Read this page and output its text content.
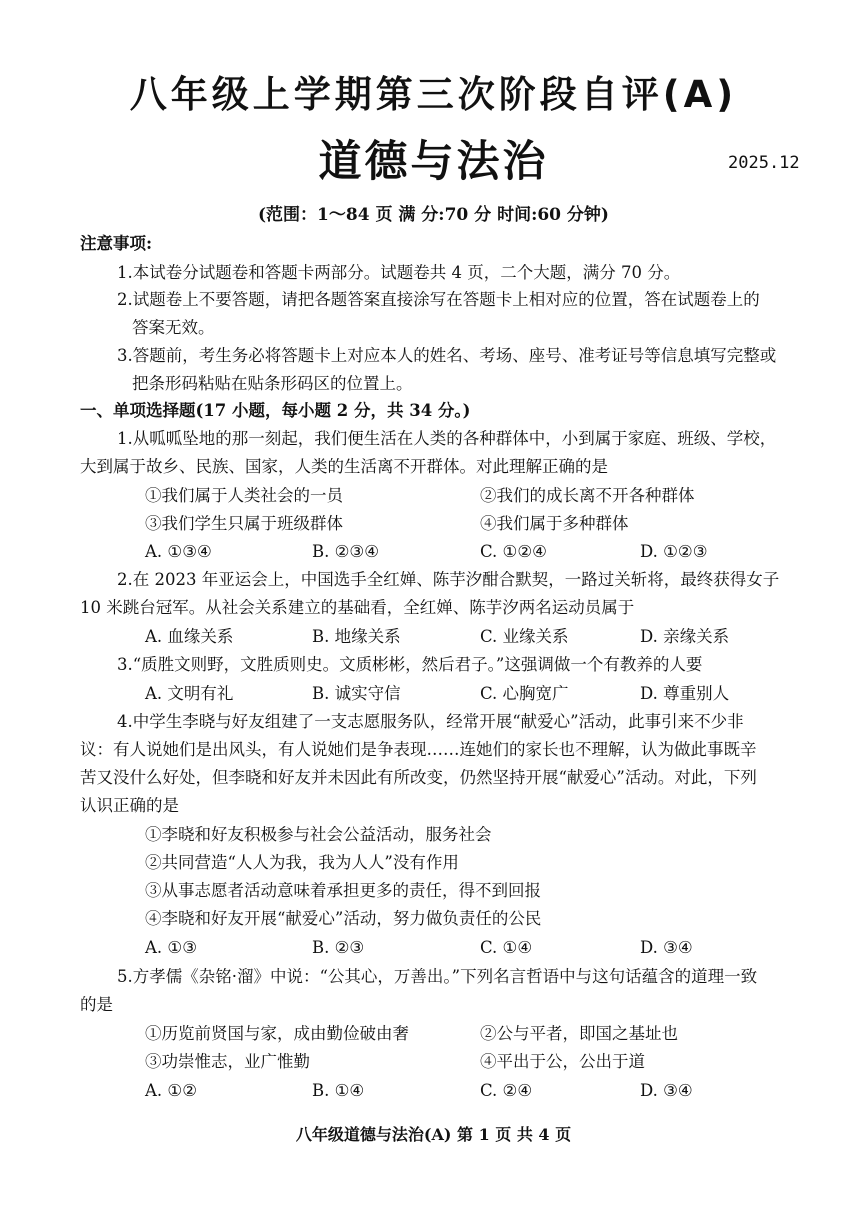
八年级上学期第三次阶段自评(A)
道德与法治	2025.12
(范围：1～84 页 满 分:70 分 时间:60 分钟)
注意事项:
1.本试卷分试题卷和答题卡两部分。试题卷共 4 页，二个大题，满分 70 分。
2.试题卷上不要答题，请把各题答案直接涂写在答题卡上相对应的位置，答在试题卷上的
答案无效。
3.答题前，考生务必将答题卡上对应本人的姓名、考场、座号、准考证号等信息填写完整或
把条形码粘贴在贴条形码区的位置上。
一、单项选择题(17 小题，每小题 2 分，共 34 分。)
1.从呱呱坠地的那一刻起，我们便生活在人类的各种群体中，小到属于家庭、班级、学校，
大到属于故乡、民族、国家，人类的生活离不开群体。对此理解正确的是
①我们属于人类社会的一员	②我们的成长离不开各种群体
③我们学生只属于班级群体	④我们属于多种群体
A. ①③④	B. ②③④	C. ①②④	D. ①②③
2.在 2023 年亚运会上，中国选手全红婵、陈芋汐酣合默契，一路过关斩将，最终获得女子
10 米跳台冠军。从社会关系建立的基础看，全红婵、陈芋汐两名运动员属于
A. 血缘关系	B. 地缘关系	C. 业缘关系	D. 亲缘关系
3.“质胜文则野，文胜质则史。文质彬彬，然后君子。”这强调做一个有教养的人要
A. 文明有礼	B. 诚实守信	C. 心胸宽广	D. 尊重别人
4.中学生李晓与好友组建了一支志愿服务队，经常开展“献爱心”活动，此事引来不少非
议：有人说她们是出风头，有人说她们是争表现……连她们的家长也不理解，认为做此事既辛
苦又没什么好处，但李晓和好友并未因此有所改变，仍然坚持开展“献爱心”活动。对此，下列
认识正确的是
①李晓和好友积极参与社会公益活动，服务社会
②共同营造“人人为我，我为人人”没有作用
③从事志愿者活动意味着承担更多的责任，得不到回报
④李晓和好友开展“献爱心”活动，努力做负责任的公民
A. ①③	B. ②③	C. ①④	D. ③④
5.方孝儒《杂铭·溜》中说：“公其心，万善出。”下列名言哲语中与这句话蕴含的道理一致
的是
①历览前贤国与家，成由勤俭破由奢	②公与平者，即国之基址也
③功崇惟志，业广惟勤	④平出于公，公出于道
A. ①②	B. ①④	C. ②④	D. ③④
八年级道德与法治(A) 第 1 页 共 4 页
